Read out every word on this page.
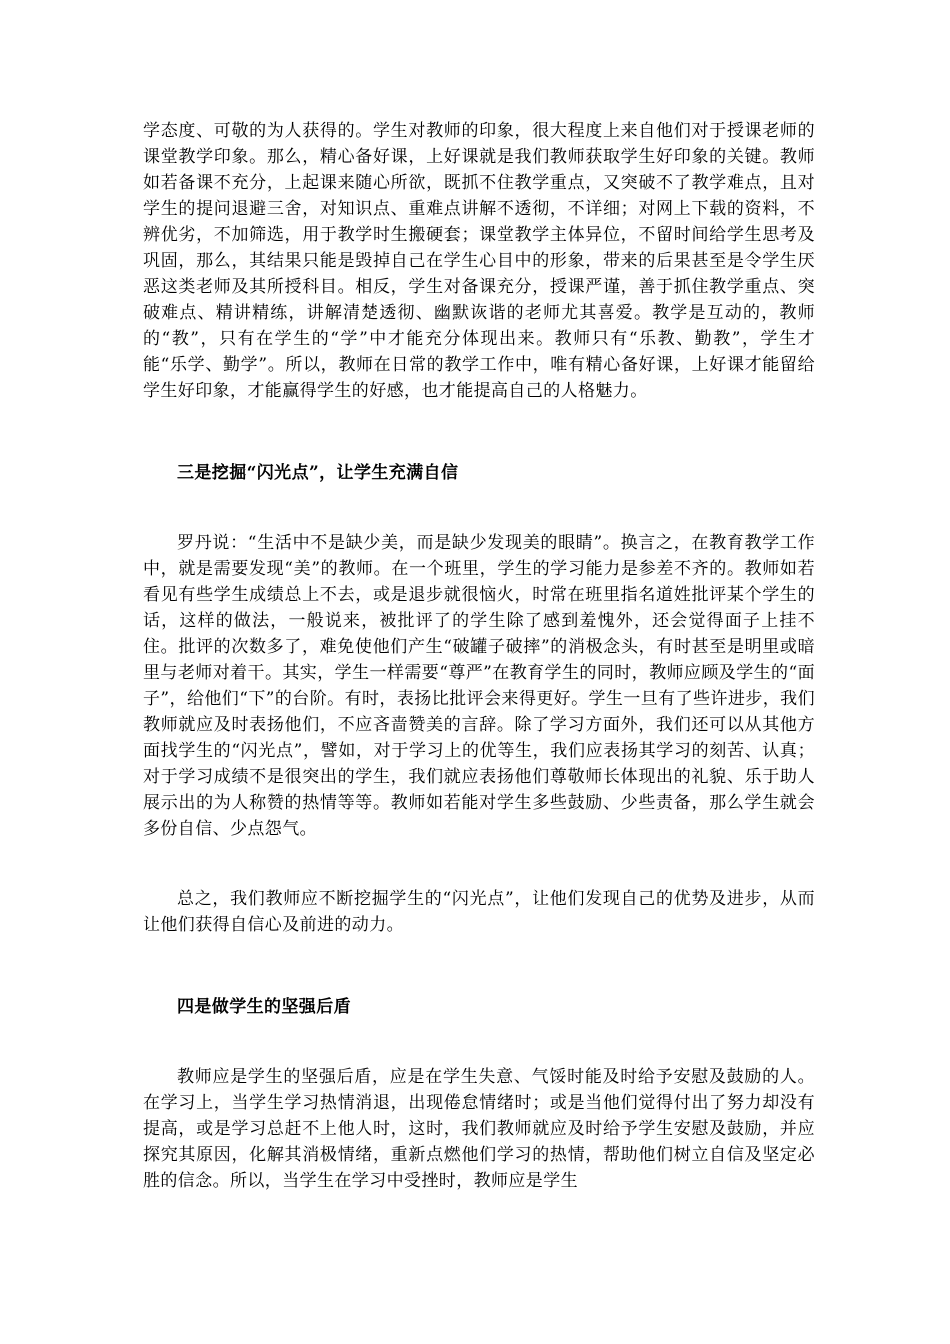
学态度、可敬的为人获得的。学生对教师的印象，很大程度上来自他们对于授课老师的课堂教学印象。那么，精心备好课，上好课就是我们教师获取学生好印象的关键。教师如若备课不充分，上起课来随心所欲，既抓不住教学重点，又突破不了教学难点，且对学生的提问退避三舍，对知识点、重难点讲解不透彻，不详细；对网上下载的资料，不辨优劣，不加筛选，用于教学时生搬硬套；课堂教学主体异位，不留时间给学生思考及巩固，那么，其结果只能是毁掉自己在学生心目中的形象，带来的后果甚至是令学生厌恶这类老师及其所授科目。相反，学生对备课充分，授课严谨，善于抓住教学重点、突破难点、精讲精练，讲解清楚透彻、幽默诙谐的老师尤其喜爱。教学是互动的，教师的“教”，只有在学生的“学”中才能充分体现出来。教师只有“乐教、勤教”，学生才能“乐学、勤学”。所以，教师在日常的教学工作中，唯有精心备好课，上好课才能留给学生好印象，才能赢得学生的好感，也才能提高自己的人格魅力。

三是挖掘“闪光点”，让学生充满自信

罗丹说：“生活中不是缺少美，而是缺少发现美的眼睛”。换言之，在教育教学工作中，就是需要发现“美”的教师。在一个班里，学生的学习能力是参差不齐的。教师如若看见有些学生成绩总上不去，或是退步就很恼火，时常在班里指名道姓批评某个学生的话，这样的做法，一般说来，被批评了的学生除了感到羞愧外，还会觉得面子上挂不住。批评的次数多了，难免使他们产生“破罐子破摔”的消极念头，有时甚至是明里或暗里与老师对着干。其实，学生一样需要“尊严”在教育学生的同时，教师应顾及学生的“面子”，给他们“下”的台阶。有时，表扬比批评会来得更好。学生一旦有了些许进步，我们教师就应及时表扬他们，不应吝啬赞美的言辞。除了学习方面外，我们还可以从其他方面找学生的“闪光点”，譬如，对于学习上的优等生，我们应表扬其学习的刻苦、认真；对于学习成绩不是很突出的学生，我们就应表扬他们尊敬师长体现出的礼貌、乐于助人展示出的为人称赞的热情等等。教师如若能对学生多些鼓励、少些责备，那么学生就会多份自信、少点怨气。

总之，我们教师应不断挖掘学生的“闪光点”，让他们发现自己的优势及进步，从而让他们获得自信心及前进的动力。

四是做学生的坚强后盾

教师应是学生的坚强后盾，应是在学生失意、气馁时能及时给予安慰及鼓励的人。在学习上，当学生学习热情消退，出现倦怠情绪时；或是当他们觉得付出了努力却没有提高，或是学习总赶不上他人时，这时，我们教师就应及时给予学生安慰及鼓励，并应探究其原因，化解其消极情绪，重新点燃他们学习的热情，帮助他们树立自信及坚定必胜的信念。所以，当学生在学习中受挫时，教师应是学生
